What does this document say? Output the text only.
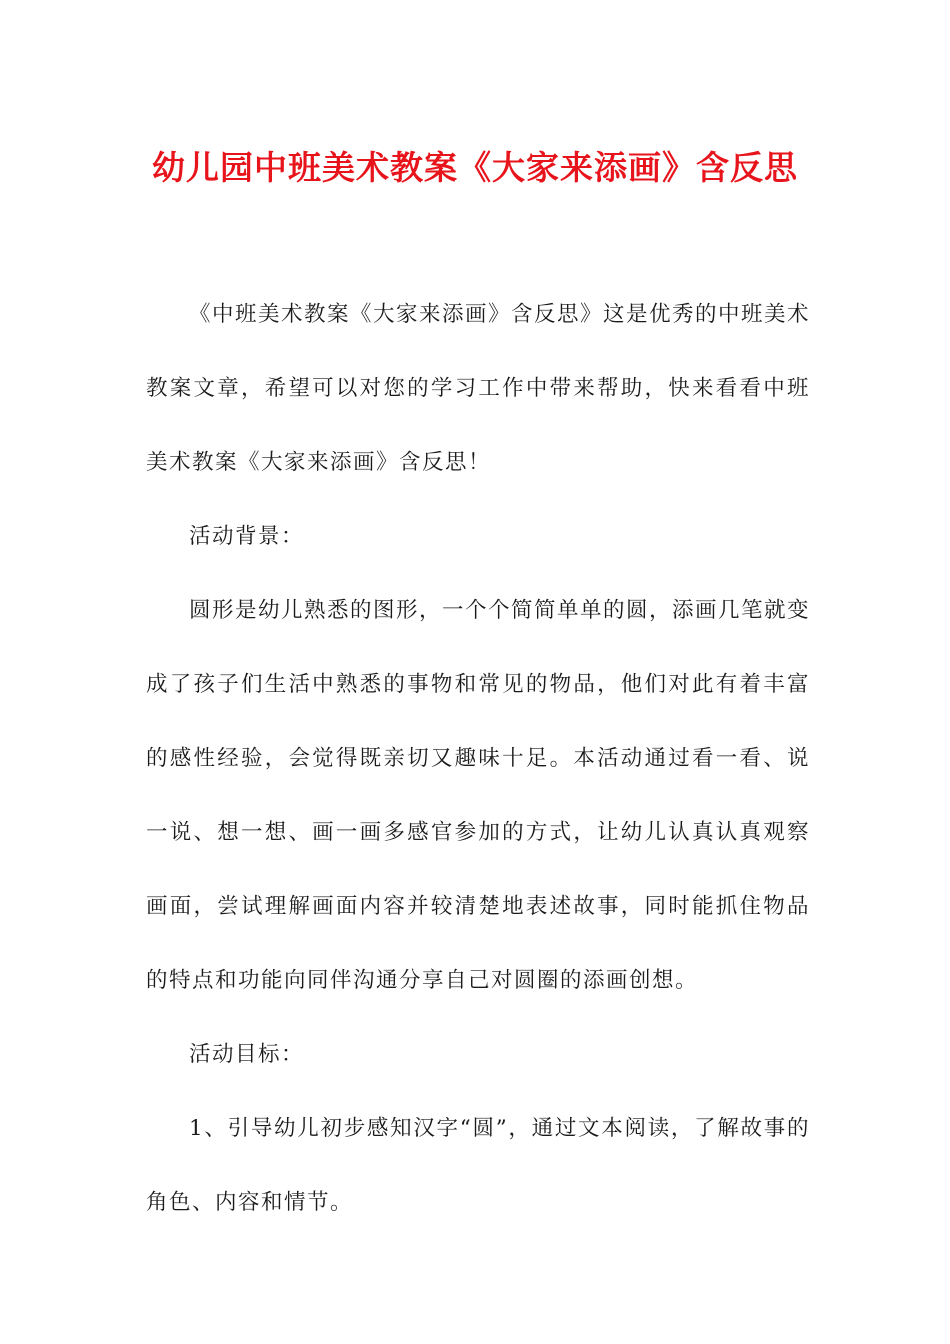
幼儿园中班美术教案《大家来添画》含反思

《中班美术教案《大家来添画》含反思》这是优秀的中班美术教案文章，希望可以对您的学习工作中带来帮助，快来看看中班美术教案《大家来添画》含反思！

活动背景：

圆形是幼儿熟悉的图形，一个个简简单单的圆，添画几笔就变成了孩子们生活中熟悉的事物和常见的物品，他们对此有着丰富的感性经验，会觉得既亲切又趣味十足。本活动通过看一看、说一说、想一想、画一画多感官参加的方式，让幼儿认真认真观察画面，尝试理解画面内容并较清楚地表述故事，同时能抓住物品的特点和功能向同伴沟通分享自己对圆圈的添画创想。

活动目标：

1、引导幼儿初步感知汉字“圆”，通过文本阅读，了解故事的角色、内容和情节。
